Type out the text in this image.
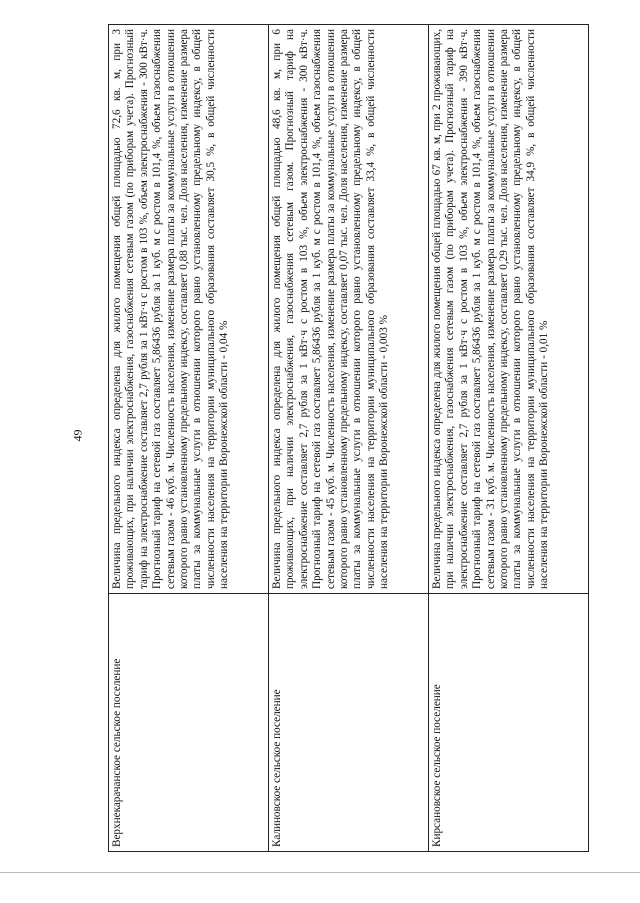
49
Верхнекарачанское сельское поселение	Величина предельного индекса определена для жилого помещения общей площадью 72,6 кв. м, при 3 проживающих, при наличии электроснабжения, газоснабжения сетевым газом (по приборам учета). Прогнозный тариф на электроснабжение составляет 2,7 рубля за 1 кВт·ч с ростом в 103 %, объем электроснабжения - 300 кВт·ч. Прогнозный тариф на сетевой газ составляет 5,86436 рубля за 1 куб. м с ростом в 101,4 %, объем газоснабжения сетевым газом - 46 куб. м. Численность населения, изменение размера платы за коммунальные услуги в отношении которого равно установленному предельному индексу, составляет 0,88 тыс. чел. Доля населения, изменение размера платы за коммунальные услуги в отношении которого равно установленному предельному индексу, в общей численности населения на территории муниципального образования составляет 30,5 %, в общей численности населения на территории Воронежской области - 0,04 %
Калиновское сельское поселение	Величина предельного индекса определена для жилого помещения общей площадью 48,6 кв. м, при 6 проживающих, при наличии электроснабжения, газоснабжения сетевым газом. Прогнозный тариф на электроснабжение составляет 2,7 рубля за 1 кВт·ч с ростом в 103 %, объем электроснабжения - 300 кВт·ч. Прогнозный тариф на сетевой газ составляет 5,86436 рубля за 1 куб. м с ростом в 101,4 %, объем газоснабжения сетевым газом - 45 куб. м. Численность населения, изменение размера платы за коммунальные услуги в отношении которого равно установленному предельному индексу, составляет 0,07 тыс. чел. Доля населения, изменение размера платы за коммунальные услуги в отношении которого равно установленному предельному индексу, в общей численности населения на территории муниципального образования составляет 33,4 %, в общей численности населения на территории Воронежской области - 0,003 %
Кирсановское сельское поселение	Величина предельного индекса определена для жилого помещения общей площадью 67 кв. м, при 2 проживающих, при наличии электроснабжения, газоснабжения сетевым газом (по приборам учета). Прогнозный тариф на электроснабжение составляет 2,7 рубля за 1 кВт·ч с ростом в 103 %, объем электроснабжения - 390 кВт·ч. Прогнозный тариф на сетевой газ составляет 5,86436 рубля за 1 куб. м с ростом в 101,4 %, объем газоснабжения сетевым газом - 31 куб. м. Численность населения, изменение размера платы за коммунальные услуги в отношении которого равно установленному предельному индексу, составляет 0,29 тыс. чел. Доля населения, изменение размера платы за коммунальные услуги в отношении которого равно установленному предельному индексу, в общей численности населения на территории муниципального образования составляет 34,9 %, в общей численности населения на территории Воронежской области - 0,01 %
